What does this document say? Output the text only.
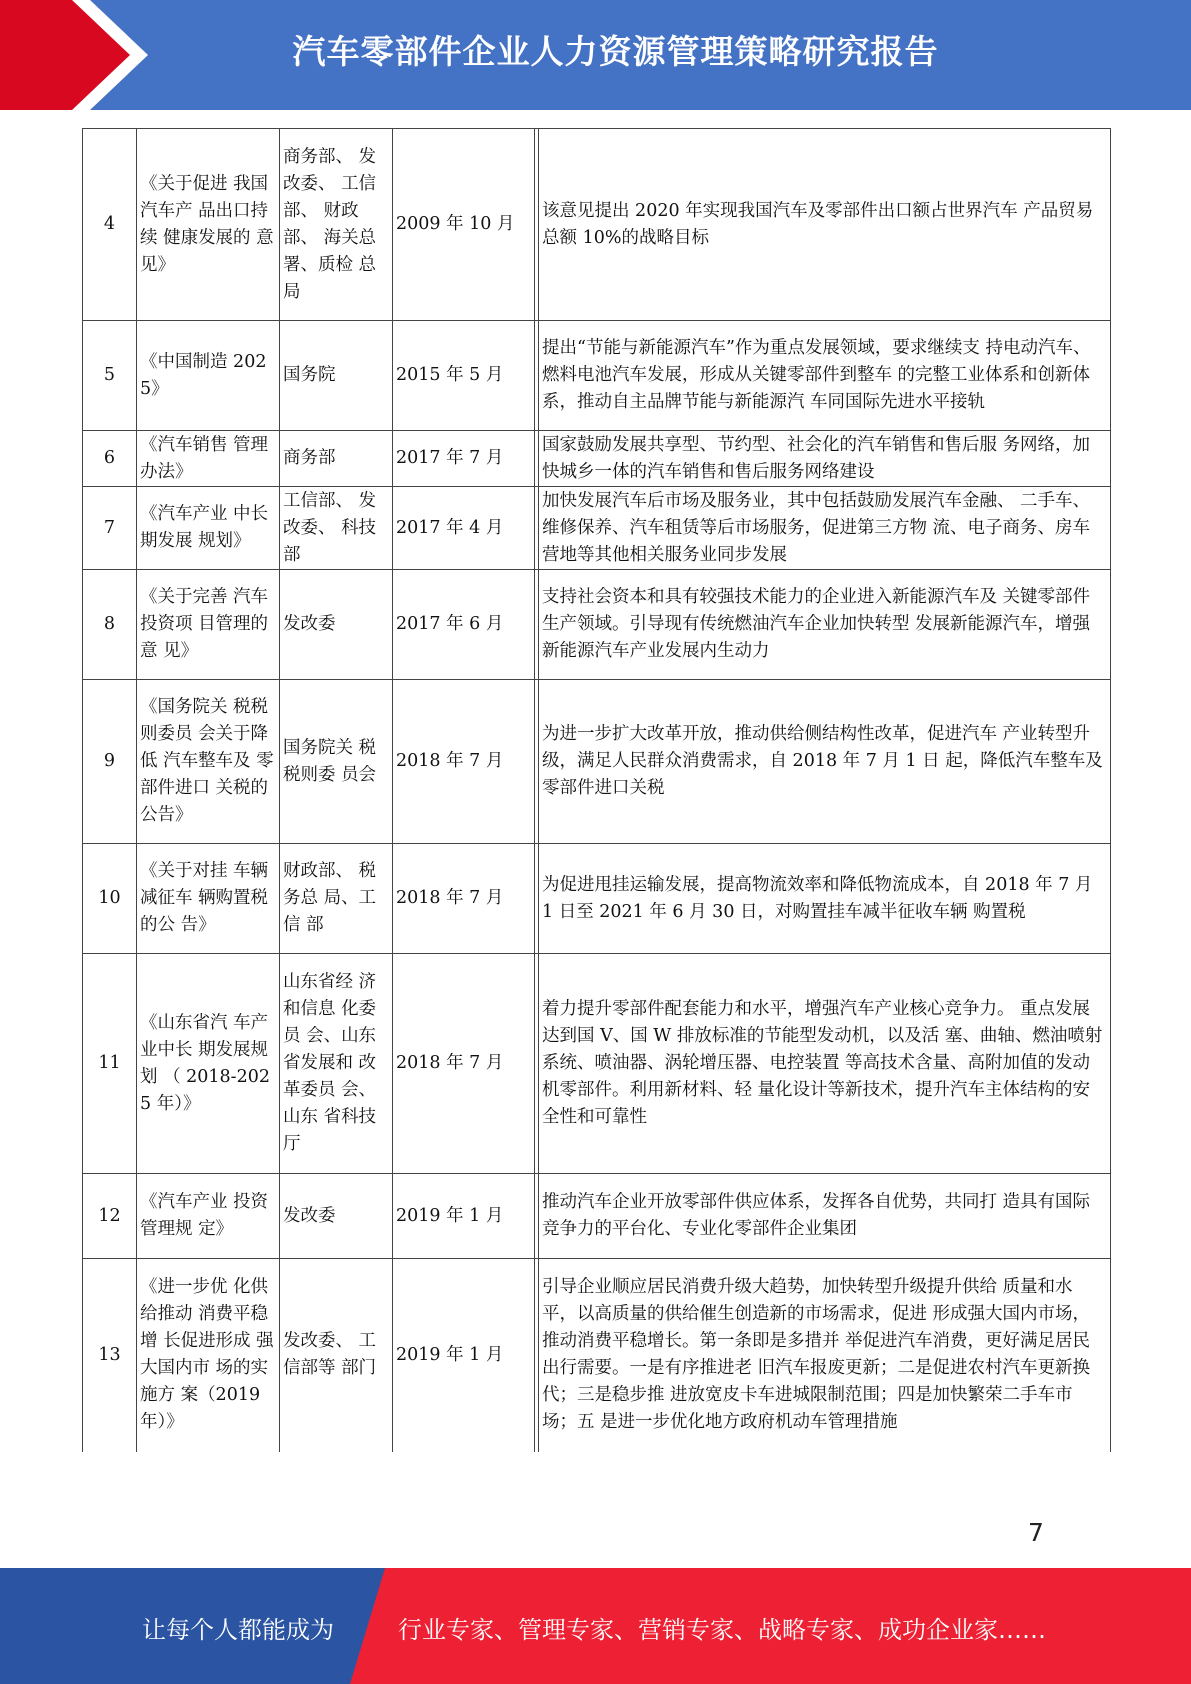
汽车零部件企业人力资源管理策略研究报告
4	《关于促进 我国汽车产 品出口持续 健康发展的 意见》	商务部、 发改委、 工信部、 财政部、 海关总署、质检 总局	2009 年 10 月		该意见提出 2020 年实现我国汽车及零部件出口额占世界汽车 产品贸易总额 10%的战略目标
5	《中国制造 2025》	国务院	2015 年 5 月		提出“节能与新能源汽车”作为重点发展领域，要求继续支 持电动汽车、燃料电池汽车发展，形成从关键零部件到整车 的完整工业体系和创新体系，推动自主品牌节能与新能源汽 车同国际先进水平接轨
6	《汽车销售 管理办法》	商务部	2017 年 7 月		国家鼓励发展共享型、节约型、社会化的汽车销售和售后服 务网络，加快城乡一体的汽车销售和售后服务网络建设
7	《汽车产业 中长期发展 规划》	工信部、 发改委、 科技部	2017 年 4 月		加快发展汽车后市场及服务业，其中包括鼓励发展汽车金融、 二手车、维修保养、汽车租赁等后市场服务，促进第三方物 流、电子商务、房车营地等其他相关服务业同步发展
8	《关于完善 汽车投资项 目管理的意 见》	发改委	2017 年 6 月		支持社会资本和具有较强技术能力的企业进入新能源汽车及 关键零部件生产领域。引导现有传统燃油汽车企业加快转型 发展新能源汽车，增强新能源汽车产业发展内生动力
9	《国务院关 税税则委员 会关于降低 汽车整车及 零部件进口 关税的公告》	国务院关 税税则委 员会	2018 年 7 月		为进一步扩大改革开放，推动供给侧结构性改革，促进汽车 产业转型升级，满足人民群众消费需求，自 2018 年 7 月 1 日 起，降低汽车整车及零部件进口关税
10	《关于对挂 车辆减征车 辆购置税的公 告》	财政部、 税务总 局、工信 部	2018 年 7 月		为促进甩挂运输发展，提高物流效率和降低物流成本，自 2018 年 7 月 1 日至 2021 年 6 月 30 日，对购置挂车减半征收车辆 购置税
11	《山东省汽 车产业中长 期发展规划 （ 2018-2025 年）》	山东省经 济和信息 化委员 会、山东省发展和 改革委员 会、山东 省科技厅	2018 年 7 月		着力提升零部件配套能力和水平，增强汽车产业核心竞争力。 重点发展达到国 V、国 W 排放标准的节能型发动机，以及活 塞、曲轴、燃油喷射系统、喷油器、涡轮增压器、电控装置 等高技术含量、高附加值的发动机零部件。利用新材料、轻 量化设计等新技术，提升汽车主体结构的安全性和可靠性
12	《汽车产业 投资管理规 定》	发改委	2019 年 1 月		推动汽车企业开放零部件供应体系，发挥各自优势，共同打 造具有国际竞争力的平台化、专业化零部件企业集团
13	《进一步优 化供给推动 消费平稳增 长促进形成 强大国内市 场的实施方 案（2019 年）》	发改委、 工信部等 部门	2019 年 1 月		引导企业顺应居民消费升级大趋势，加快转型升级提升供给 质量和水平，以高质量的供给催生创造新的市场需求，促进 形成强大国内市场，推动消费平稳增长。第一条即是多措并 举促进汽车消费，更好满足居民出行需要。一是有序推进老 旧汽车报废更新；二是促进农村汽车更新换代；三是稳步推 进放宽皮卡车进城限制范围；四是加快繁荣二手车市场；五 是进一步优化地方政府机动车管理措施
7
让每个人都能成为	行业专家、管理专家、营销专家、战略专家、成功企业家……
